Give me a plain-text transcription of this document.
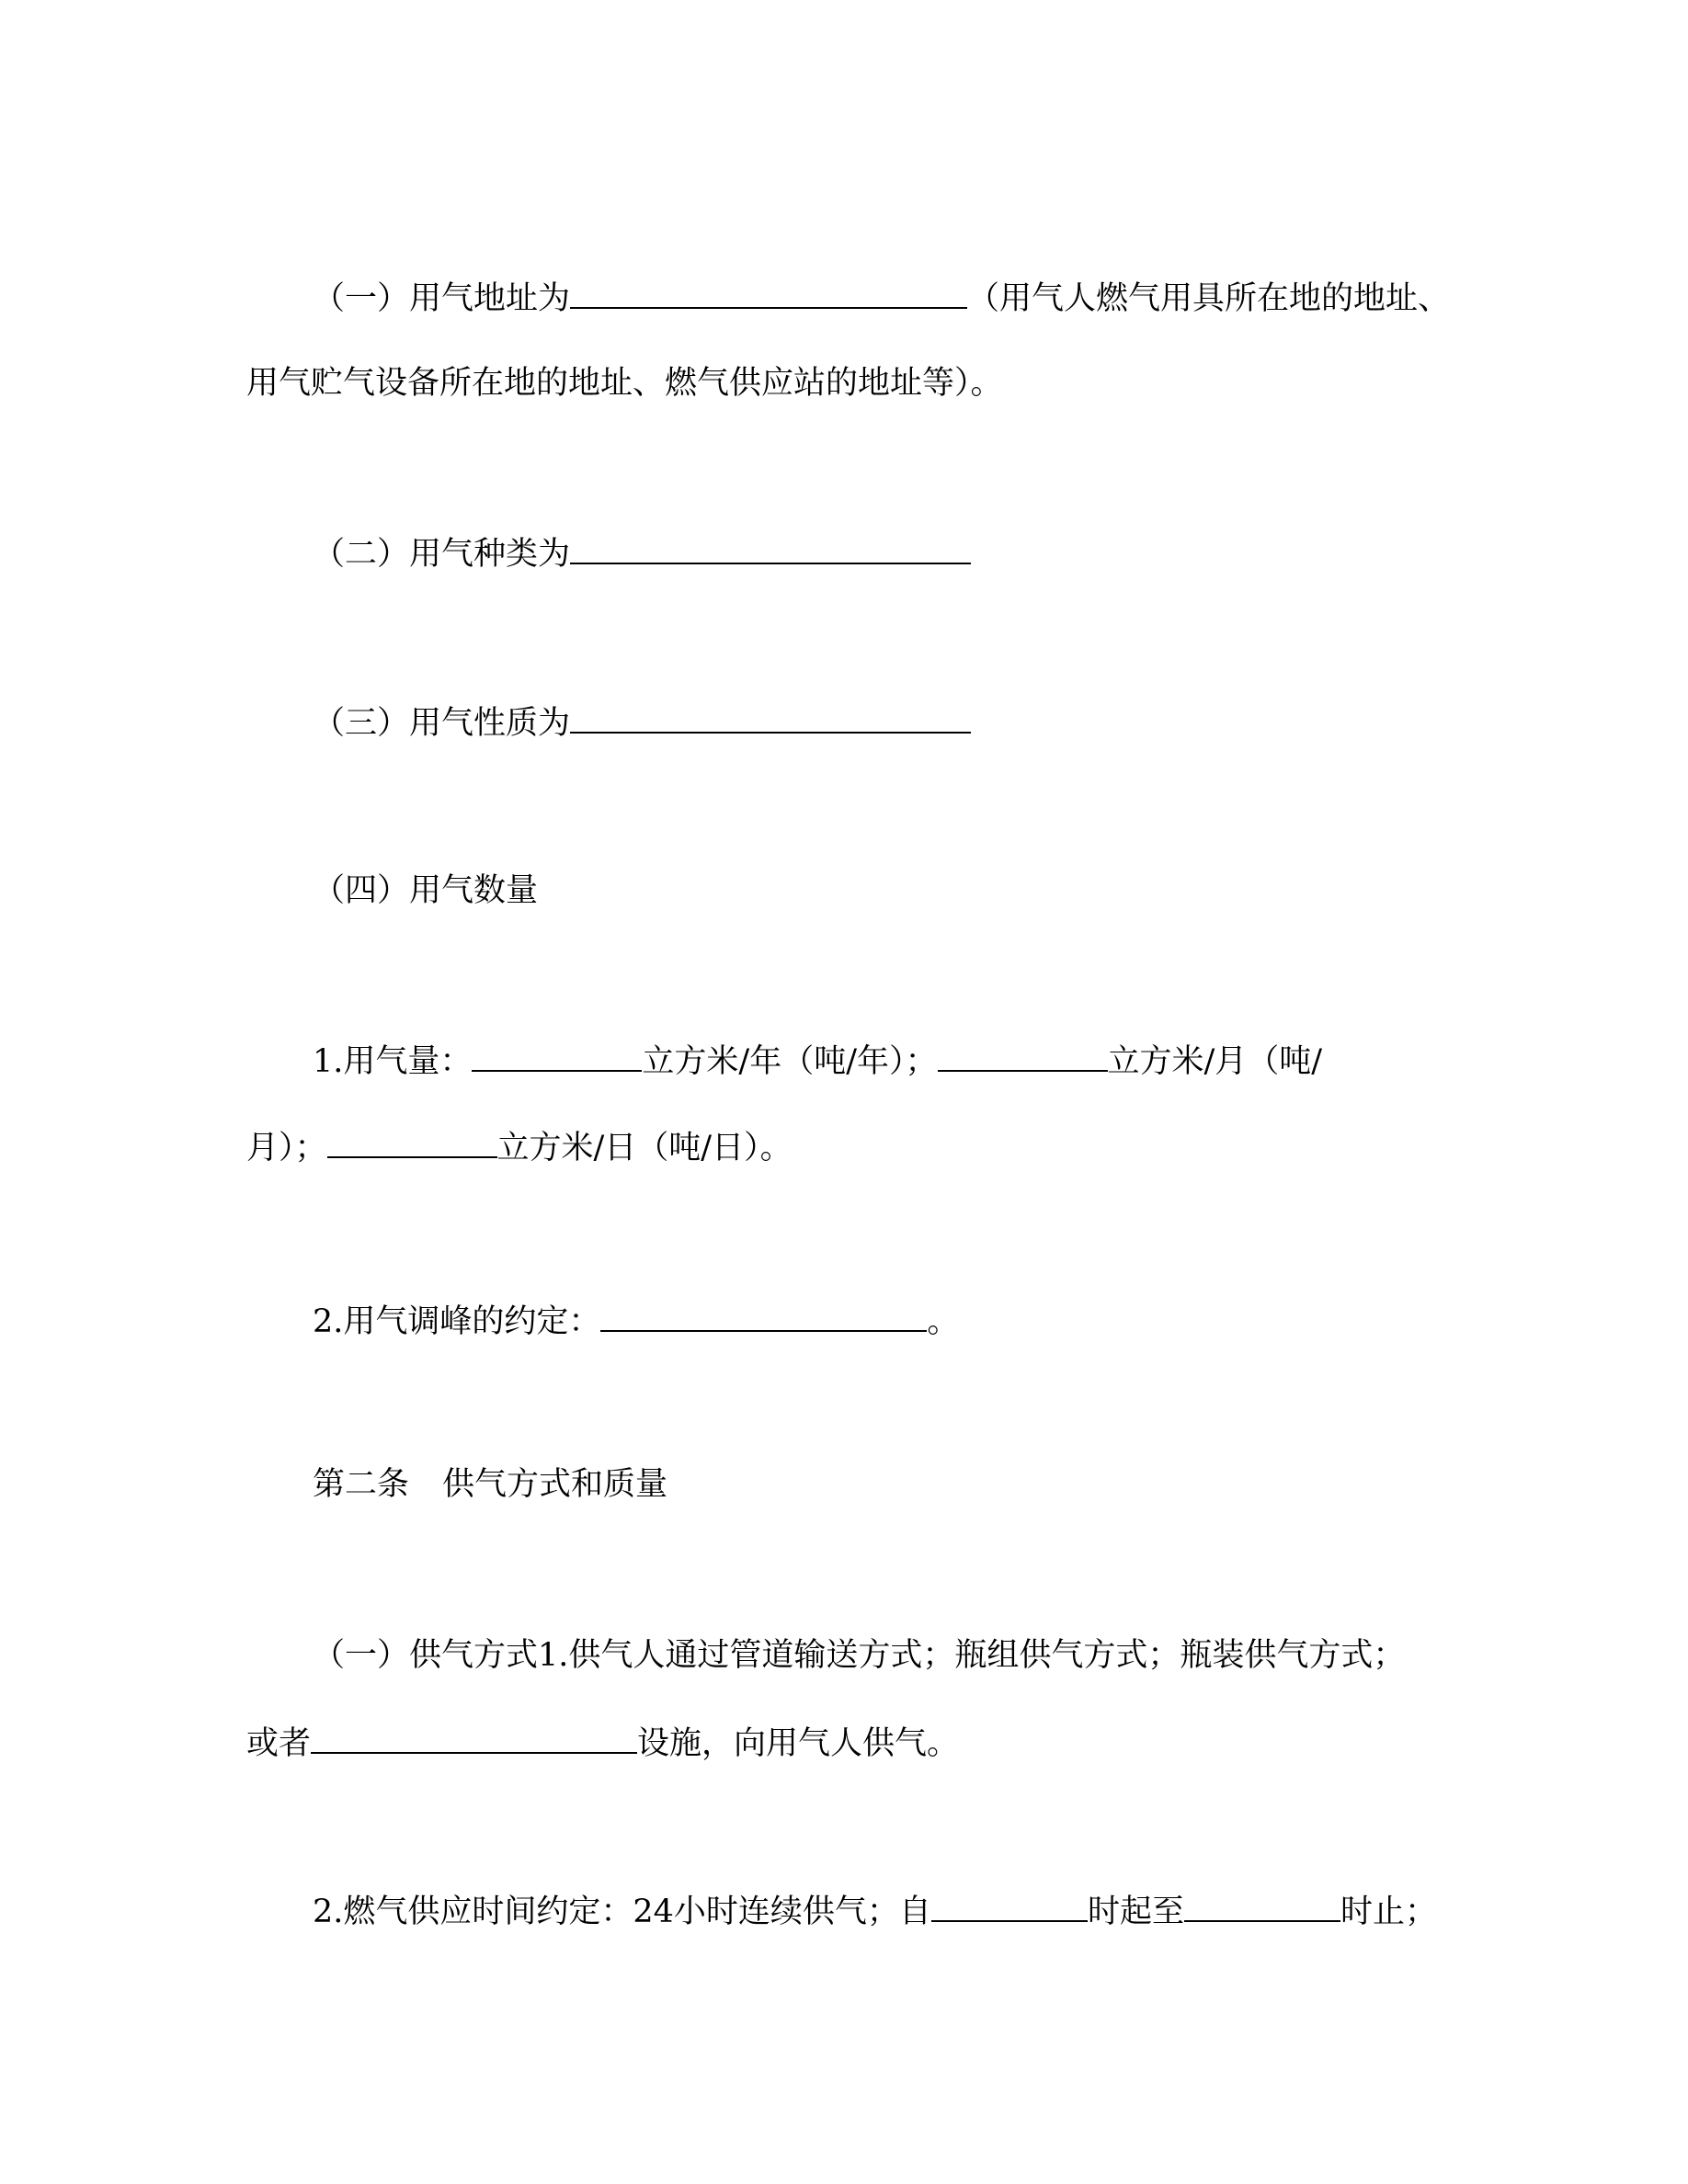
（一）用气地址为	（用气人燃气用具所在地的地址、
用气贮气设备所在地的地址、燃气供应站的地址等）。
（二）用气种类为
（三）用气性质为
（四）用气数量
1.用气量：	立方米/年（吨/年）；	立方米/月（吨/
月）；	立方米/日（吨/日）。
2.用气调峰的约定：	。
第二条 供气方式和质量
（一）供气方式1.供气人通过管道输送方式；瓶组供气方式；瓶装供气方式；
或者	设施，向用气人供气。
2.燃气供应时间约定：24小时连续供气；自	时起至	时止；
